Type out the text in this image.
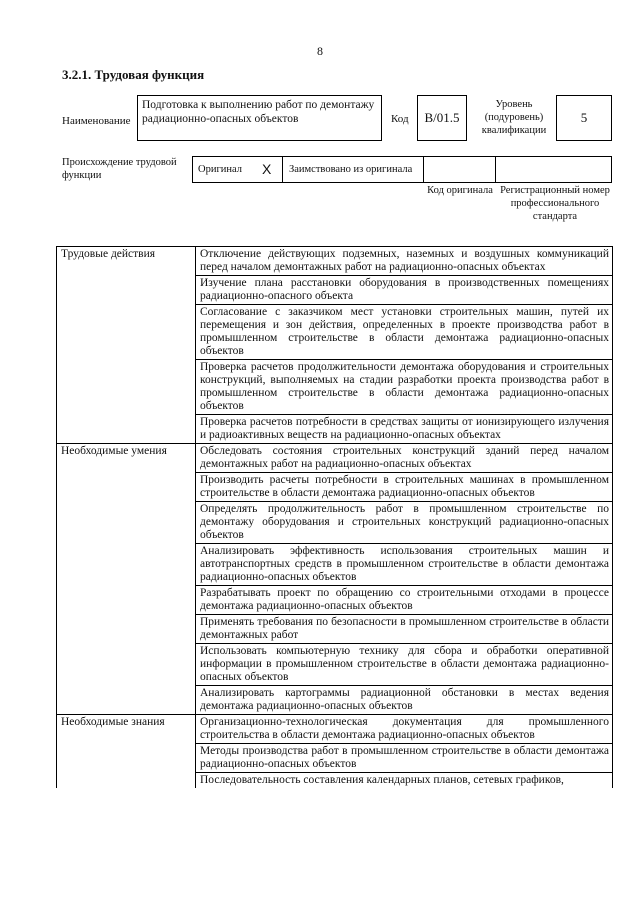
8
3.2.1. Трудовая функция
Наименование
Подготовка к выполнению работ по демонтажу радиационно-опасных объектов	Код B/01.5
Уровень (подуровень) квалификации
5
Происхождение трудовой функции
Оригинал X Заимствовано из оригинала
Код оригинала Регистрационный номер профессионального стандарта
Трудовые действия	Отключение действующих подземных, наземных и воздушных коммуникаций перед началом демонтажных работ на радиационно-опасных объектах
	Изучение плана расстановки оборудования в производственных помещениях радиационно-опасного объекта
	Согласование с заказчиком мест установки строительных машин, путей их перемещения и зон действия, определенных в проекте производства работ в промышленном строительстве в области демонтажа радиационно-опасных объектов
	Проверка расчетов продолжительности демонтажа оборудования и строительных конструкций, выполняемых на стадии разработки проекта производства работ в промышленном строительстве в области демонтажа радиационно-опасных объектов
	Проверка расчетов потребности в средствах защиты от ионизирующего излучения и радиоактивных веществ на радиационно-опасных объектах
Необходимые умения	Обследовать состояния строительных конструкций зданий перед началом демонтажных работ на радиационно-опасных объектах
	Производить расчеты потребности в строительных машинах в промышленном строительстве в области демонтажа радиационно-опасных объектов
	Определять продолжительность работ в промышленном строительстве по демонтажу оборудования и строительных конструкций радиационно-опасных объектов
	Анализировать эффективность использования строительных машин и автотранспортных средств в промышленном строительстве в области демонтажа радиационно-опасных объектов
	Разрабатывать проект по обращению со строительными отходами в процессе демонтажа радиационно-опасных объектов
	Применять требования по безопасности в промышленном строительстве в области демонтажных работ
	Использовать компьютерную технику для сбора и обработки оперативной информации в промышленном строительстве в области демонтажа радиационно-опасных объектов
	Анализировать картограммы радиационной обстановки в местах ведения демонтажа радиационно-опасных объектов
Необходимые знания	Организационно-технологическая документация для промышленного строительства в области демонтажа радиационно-опасных объектов
	Методы производства работ в промышленном строительстве в области демонтажа радиационно-опасных объектов
	Последовательность составления календарных планов, сетевых графиков,
